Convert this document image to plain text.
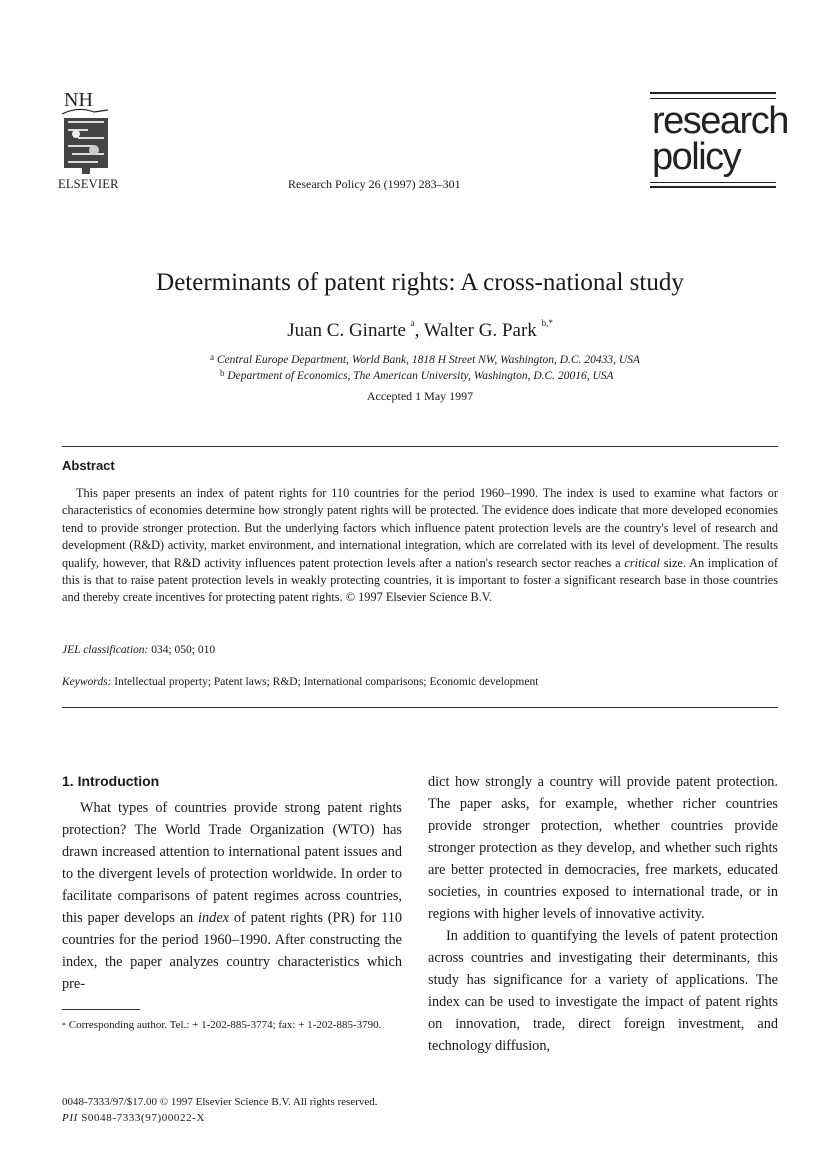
NH
ELSEVIER	Research Policy 26 (1997) 283–301
research
policy
Determinants of patent rights: A cross-national study
Juan C. Ginarte $^a$, Walter G. Park $^{b,*}$
$^a$ Central Europe Department, World Bank, 1818 H Street NW, Washington, D.C. 20433, USA
$^b$ Department of Economics, The American University, Washington, D.C. 20016, USA
Accepted 1 May 1997
Abstract
This paper presents an index of patent rights for 110 countries for the period 1960–1990. The index is used to examine what factors or characteristics of economies determine how strongly patent rights will be protected. The evidence does indicate that more developed economies tend to provide stronger protection. But the underlying factors which influence patent protection levels are the country's level of research and development (R&D) activity, market environment, and international integration, which are correlated with its level of development. The results qualify, however, that R&D activity influences patent protection levels after a nation's research sector reaches a critical size. An implication of this is that to raise patent protection levels in weakly protecting countries, it is important to foster a significant research base in those countries and thereby create incentives for protecting patent rights. © 1997 Elsevier Science B.V.
JEL classification: 034; 050; 010
Keywords: Intellectual property; Patent laws; R&D; International comparisons; Economic development
1. Introduction
What types of countries provide strong patent rights protection? The World Trade Organization (WTO) has drawn increased attention to international patent issues and to the divergent levels of protection worldwide. In order to facilitate comparisons of patent regimes across countries, this paper develops an index of patent rights (PR) for 110 countries for the period 1960–1990. After constructing the index, the paper analyzes country characteristics which pre-

dict how strongly a country will provide patent protection. The paper asks, for example, whether richer countries provide stronger protection, whether countries provide stronger protection as they develop, and whether such rights are better protected in democracies, free markets, educated societies, in countries exposed to international trade, or in regions with higher levels of innovative activity.

In addition to quantifying the levels of patent protection across countries and investigating their determinants, this study has significance for a variety of applications. The index can be used to investigate the impact of patent rights on innovation, trade, direct foreign investment, and technology diffusion,

* Corresponding author. Tel.: + 1-202-885-3774; fax: + 1-202-885-3790.
0048-7333/97/$17.00 © 1997 Elsevier Science B.V. All rights reserved.
PII S0048-7333(97)00022-X
